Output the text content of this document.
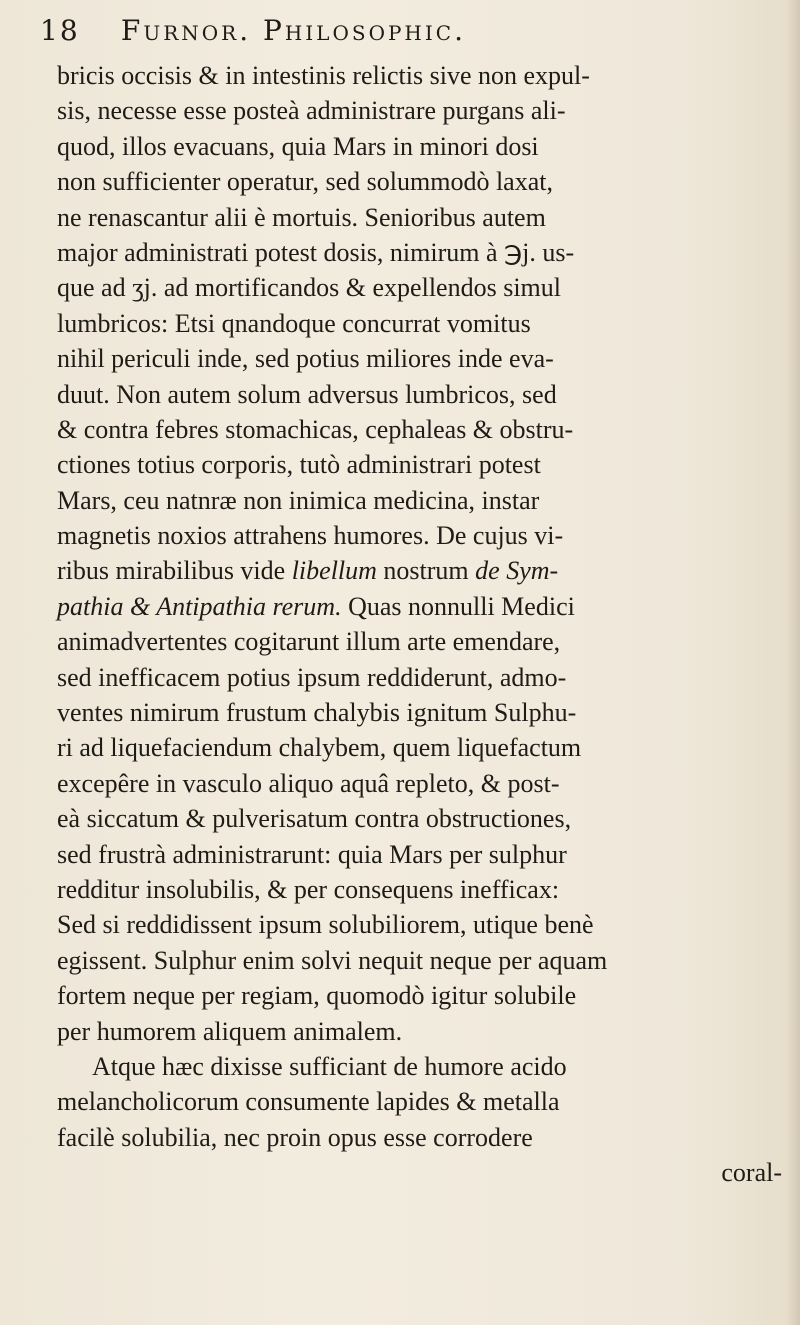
18 Furnor. Philosophic.
bricis occisis & in intestinis relictis sive non expul-
sis, necesse esse posteà administrare purgans ali-
quod, illos evacuans, quia Mars in minori dosi
non sufficienter operatur, sed solummodò laxat,
ne renascantur alii è mortuis. Senioribus autem
major administrati potest dosis, nimirum à ℈j. us-
que ad ʒj. ad mortificandos & expellendos simul
lumbricos: Etsi qnandoque concurrat vomitus
nihil periculi inde, sed potius miliores inde eva-
duut. Non autem solum adversus lumbricos, sed
& contra febres stomachicas, cephaleas & obstru-
ctiones totius corporis, tutò administrari potest
Mars, ceu natnræ non inimica medicina, instar
magnetis noxios attrahens humores. De cujus vi-
ribus mirabilibus vide libellum nostrum de Sym-
pathia & Antipathia rerum. Quas nonnulli Medici
animadvertentes cogitarunt illum arte emendare,
sed inefficacem potius ipsum reddiderunt, admo-
ventes nimirum frustum chalybis ignitum Sulphu-
ri ad liquefaciendum chalybem, quem liquefactum
excepêre in vasculo aliquo aquâ repleto, & post-
eà siccatum & pulverisatum contra obstructiones,
sed frustrà administrarunt: quia Mars per sulphur
redditur insolubilis, & per consequens inefficax:
Sed si reddidissent ipsum solubiliorem, utique benè
egissent. Sulphur enim solvi nequit neque per aquam
fortem neque per regiam, quomodò igitur solubile
per humorem aliquem animalem.
Atque hæc dixisse sufficiant de humore acido
melancholicorum consumente lapides & metalla
facilè solubilia, nec proin opus esse corrodere
coral-
